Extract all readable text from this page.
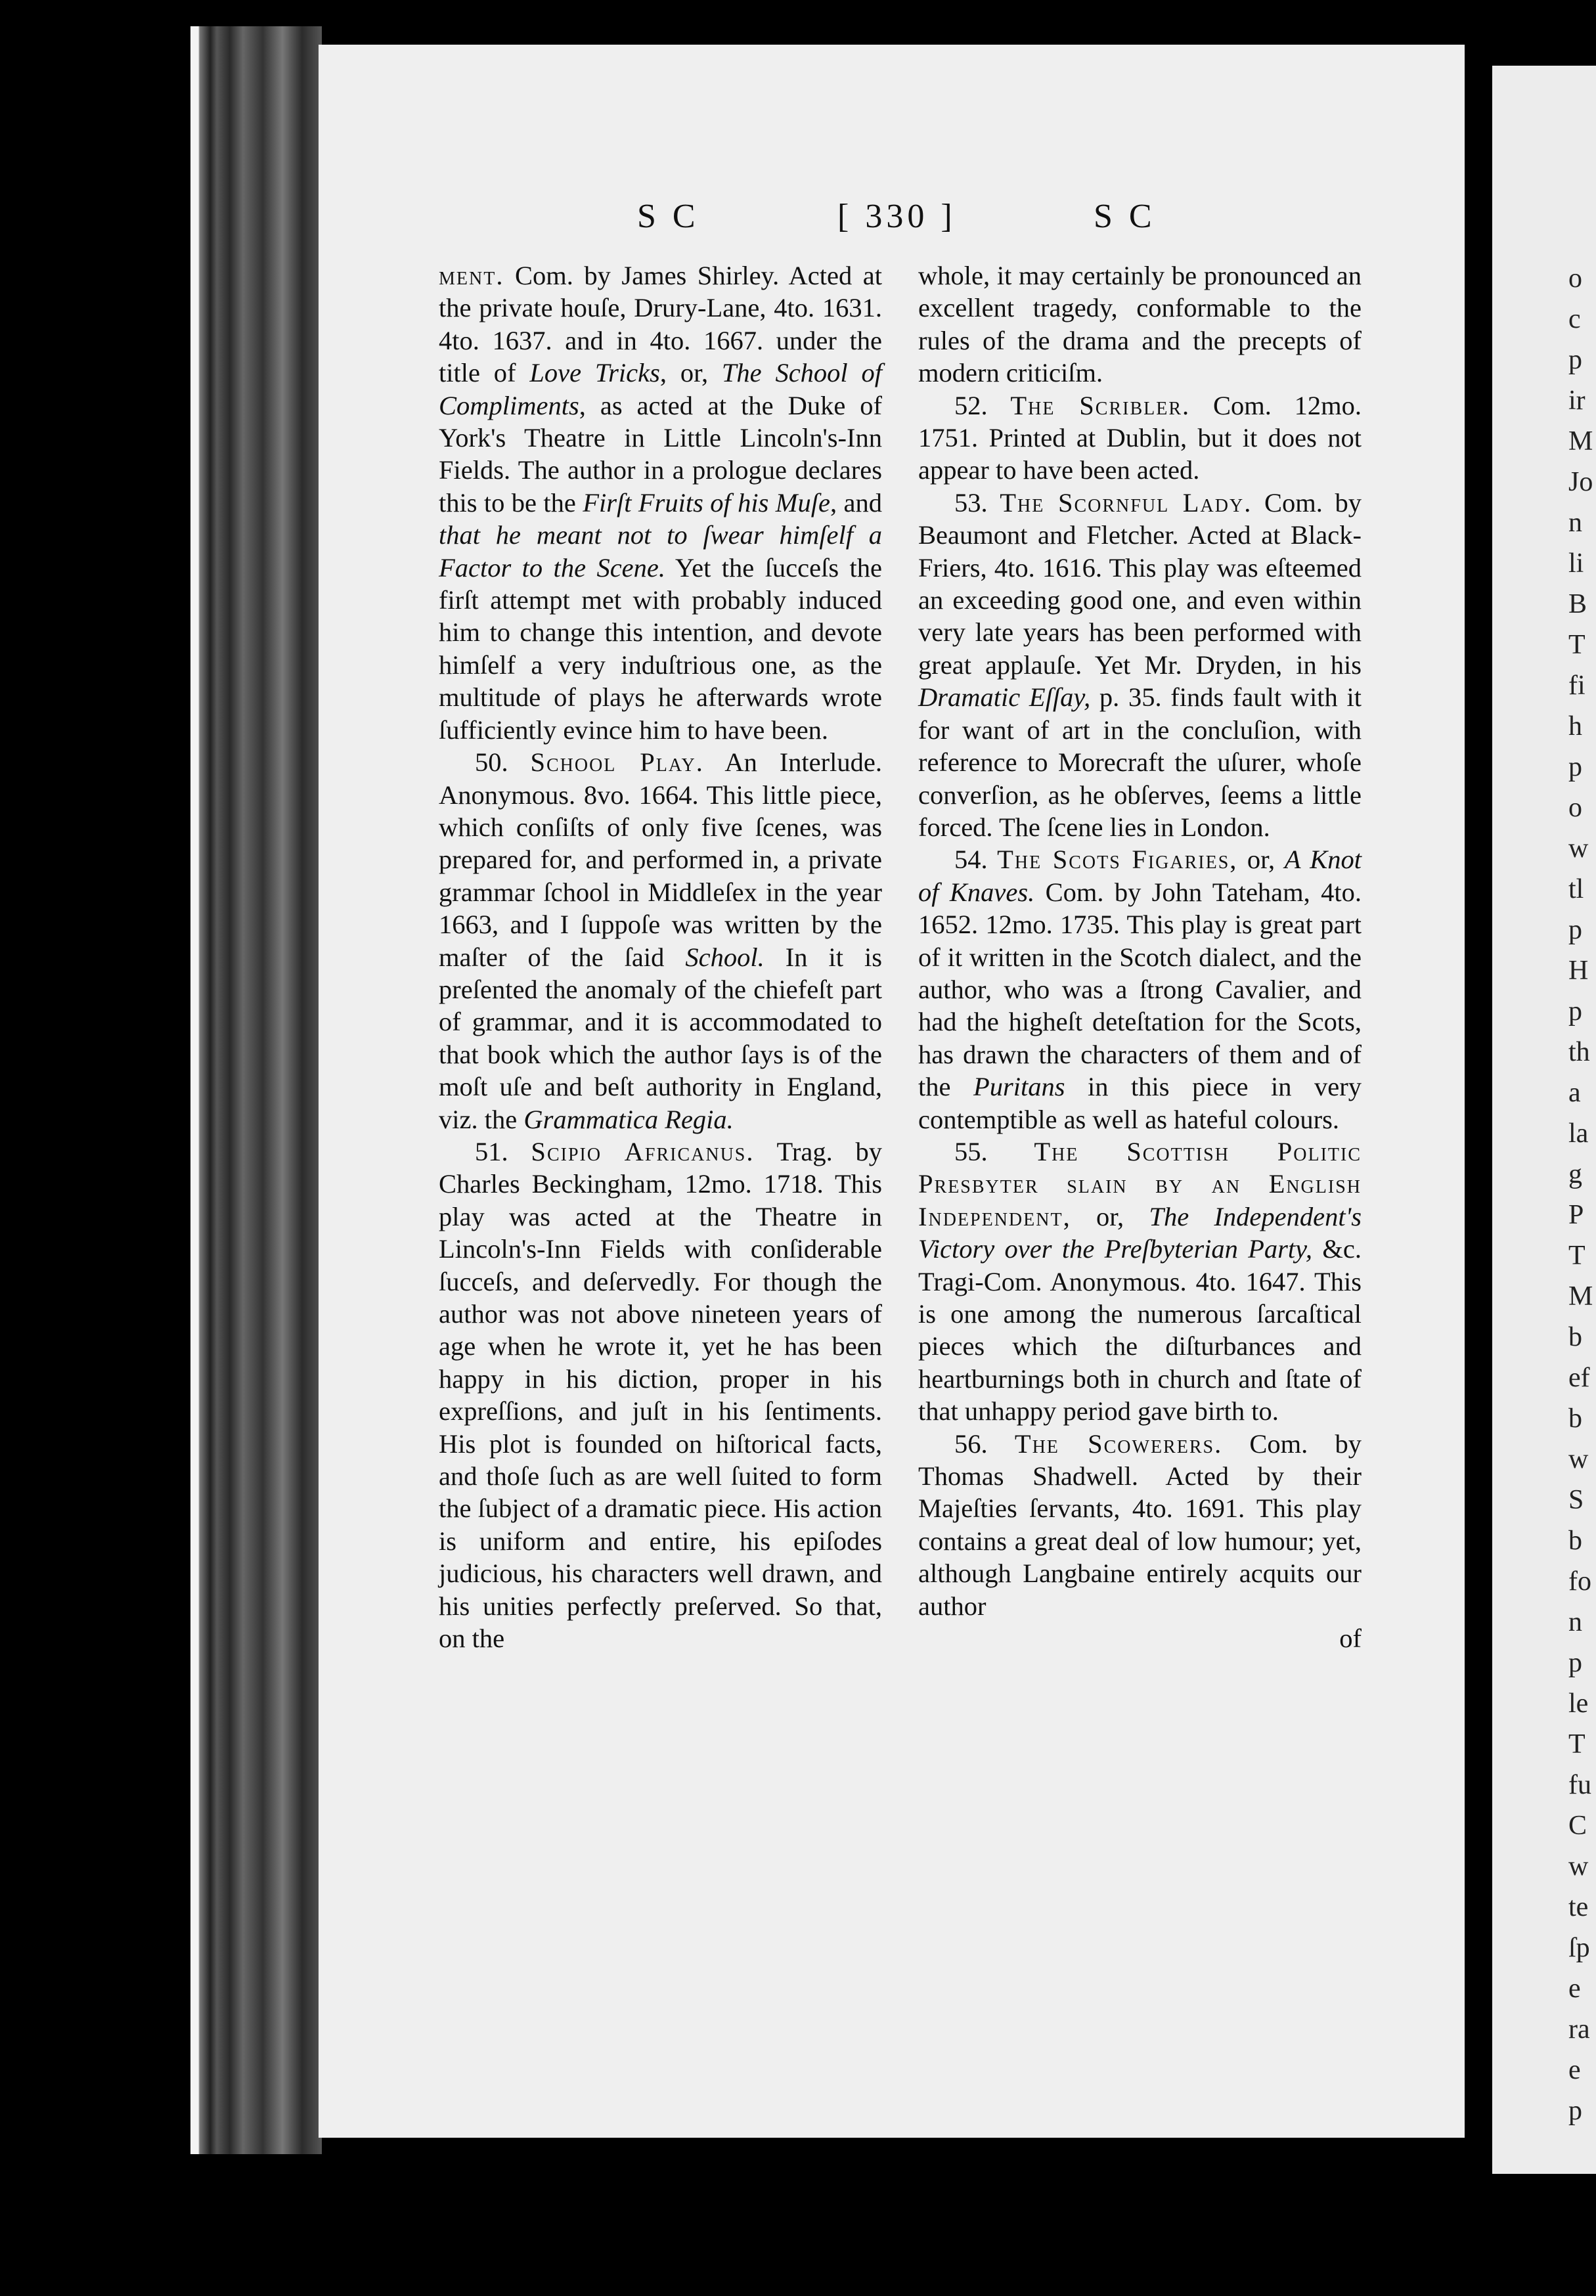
o
c
p
ir
M
Jo
n
li
B
T
fi
h
p
o
w
tl
p
H
p
th
a
la
g
P
T
M
b
ef
b
w
S
b
fo
n
p
le
T
fu
C
w
te
ſp
e
ra
e
p
S C	[ 330 ]	S C

ment. Com. by James Shirley. Acted at the private houſe, Drury-Lane, 4to. 1631. 4to. 1637. and in 4to. 1667. under the title of Love Tricks, or, The School of Compliments, as acted at the Duke of York's Theatre in Little Lincoln's-Inn Fields. The author in a prologue declares this to be the Firſt Fruits of his Muſe, and that he meant not to ſwear himſelf a Factor to the Scene. Yet the ſucceſs the firſt attempt met with probably induced him to change this intention, and devote himſelf a very induſtrious one, as the multitude of plays he afterwards wrote ſufficiently evince him to have been.

50. School Play. An Interlude. Anonymous. 8vo. 1664. This little piece, which conſiſts of only five ſcenes, was prepared for, and performed in, a private grammar ſchool in Middleſex in the year 1663, and I ſuppoſe was written by the maſter of the ſaid School. In it is preſented the anomaly of the chiefeſt part of grammar, and it is accommodated to that book which the author ſays is of the moſt uſe and beſt authority in England, viz. the Grammatica Regia.

51. Scipio Africanus. Trag. by Charles Beckingham, 12mo. 1718. This play was acted at the Theatre in Lincoln's-Inn Fields with conſiderable ſucceſs, and deſervedly. For though the author was not above nineteen years of age when he wrote it, yet he has been happy in his diction, proper in his expreſſions, and juſt in his ſentiments. His plot is founded on hiſtorical facts, and thoſe ſuch as are well ſuited to form the ſubject of a dramatic piece. His action is uniform and entire, his epiſodes judicious, his characters well drawn, and his unities perfectly preſerved. So that, on the

whole, it may certainly be pronounced an excellent tragedy, conformable to the rules of the drama and the precepts of modern criticiſm.

52. The Scribler. Com. 12mo. 1751. Printed at Dublin, but it does not appear to have been acted.

53. The Scornful Lady. Com. by Beaumont and Fletcher. Acted at Black-Friers, 4to. 1616. This play was eſteemed an exceeding good one, and even within very late years has been performed with great applauſe. Yet Mr. Dryden, in his Dramatic Eſſay, p. 35. finds fault with it for want of art in the concluſion, with reference to Morecraft the uſurer, whoſe converſion, as he obſerves, ſeems a little forced. The ſcene lies in London.

54. The Scots Figaries, or, A Knot of Knaves. Com. by John Tateham, 4to. 1652. 12mo. 1735. This play is great part of it written in the Scotch dialect, and the author, who was a ſtrong Cavalier, and had the higheſt deteſtation for the Scots, has drawn the characters of them and of the Puritans in this piece in very contemptible as well as hateful colours.

55. The Scottish Politic Presbyter slain by an English Independent, or, The Independent's Victory over the Preſbyterian Party, &c. Tragi-Com. Anonymous. 4to. 1647. This is one among the numerous ſarcaſtical pieces which the diſturbances and heartburnings both in church and ſtate of that unhappy period gave birth to.

56. The Scowerers. Com. by Thomas Shadwell. Acted by their Majeſties ſervants, 4to. 1691. This play contains a great deal of low humour; yet, although Langbaine entirely acquits our author

of
